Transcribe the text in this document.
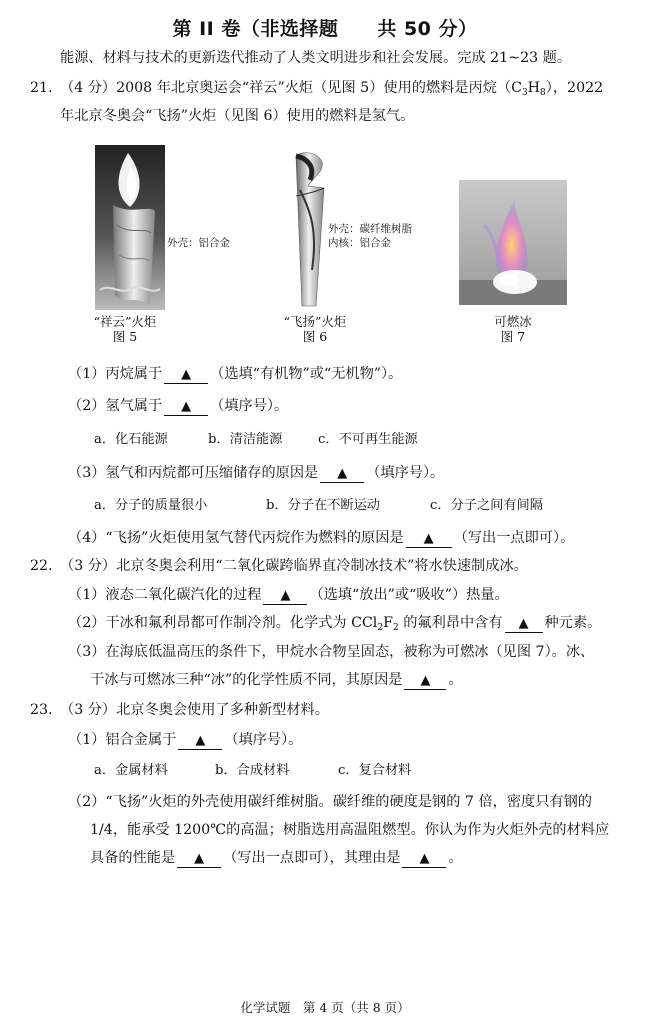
第 II 卷（非选择题　　共 50 分）
能源、材料与技术的更新迭代推动了人类文明进步和社会发展。完成 21~23 题。
21. （4 分）2008 年北京奥运会“祥云”火炬（见图 5）使用的燃料是丙烷$(C_3H_8)$，2022
年北京冬奥会“飞扬”火炬（见图 6）使用的燃料是氢气。
外壳：铝合金
“祥云”火炬
图 5
外壳：碳纤维树脂
内核：铝合金
“飞扬”火炬
图 6
可燃冰
图 7
（1）丙烷属于 ▲ （选填“有机物”或“无机物”）。
（2）氢气属于 ▲ （填序号）。
a．化石能源	b．清洁能源	c．不可再生能源
（3）氢气和丙烷都可压缩储存的原因是 ▲ （填序号）。
a．分子的质量很小	b．分子在不断运动	c．分子之间有间隔
（4）“飞扬”火炬使用氢气替代丙烷作为燃料的原因是 ▲ （写出一点即可）。
22. （3 分）北京冬奥会利用“二氧化碳跨临界直冷制冰技术”将水快速制成冰。
（1）液态二氧化碳汽化的过程 ▲ （选填“放出”或“吸收”）热量。
（2）干冰和氟利昂都可作制冷剂。化学式为 $CCl_2F_2$ 的氟利昂中含有 ▲ 种元素。
（3）在海底低温高压的条件下，甲烷水合物呈固态，被称为可燃冰（见图 7）。冰、
干冰与可燃冰三种“冰”的化学性质不同，其原因是 ▲ 。
23. （3 分）北京冬奥会使用了多种新型材料。
（1）铝合金属于 ▲ （填序号）。
a．金属材料	b．合成材料	c．复合材料
（2）“飞扬”火炬的外壳使用碳纤维树脂。碳纤维的硬度是钢的 7 倍，密度只有钢的
1/4，能承受 1200℃的高温；树脂选用高温阻燃型。你认为作为火炬外壳的材料应
具备的性能是 ▲ （写出一点即可），其理由是 ▲ 。
化学试题　第 4 页（共 8 页）
